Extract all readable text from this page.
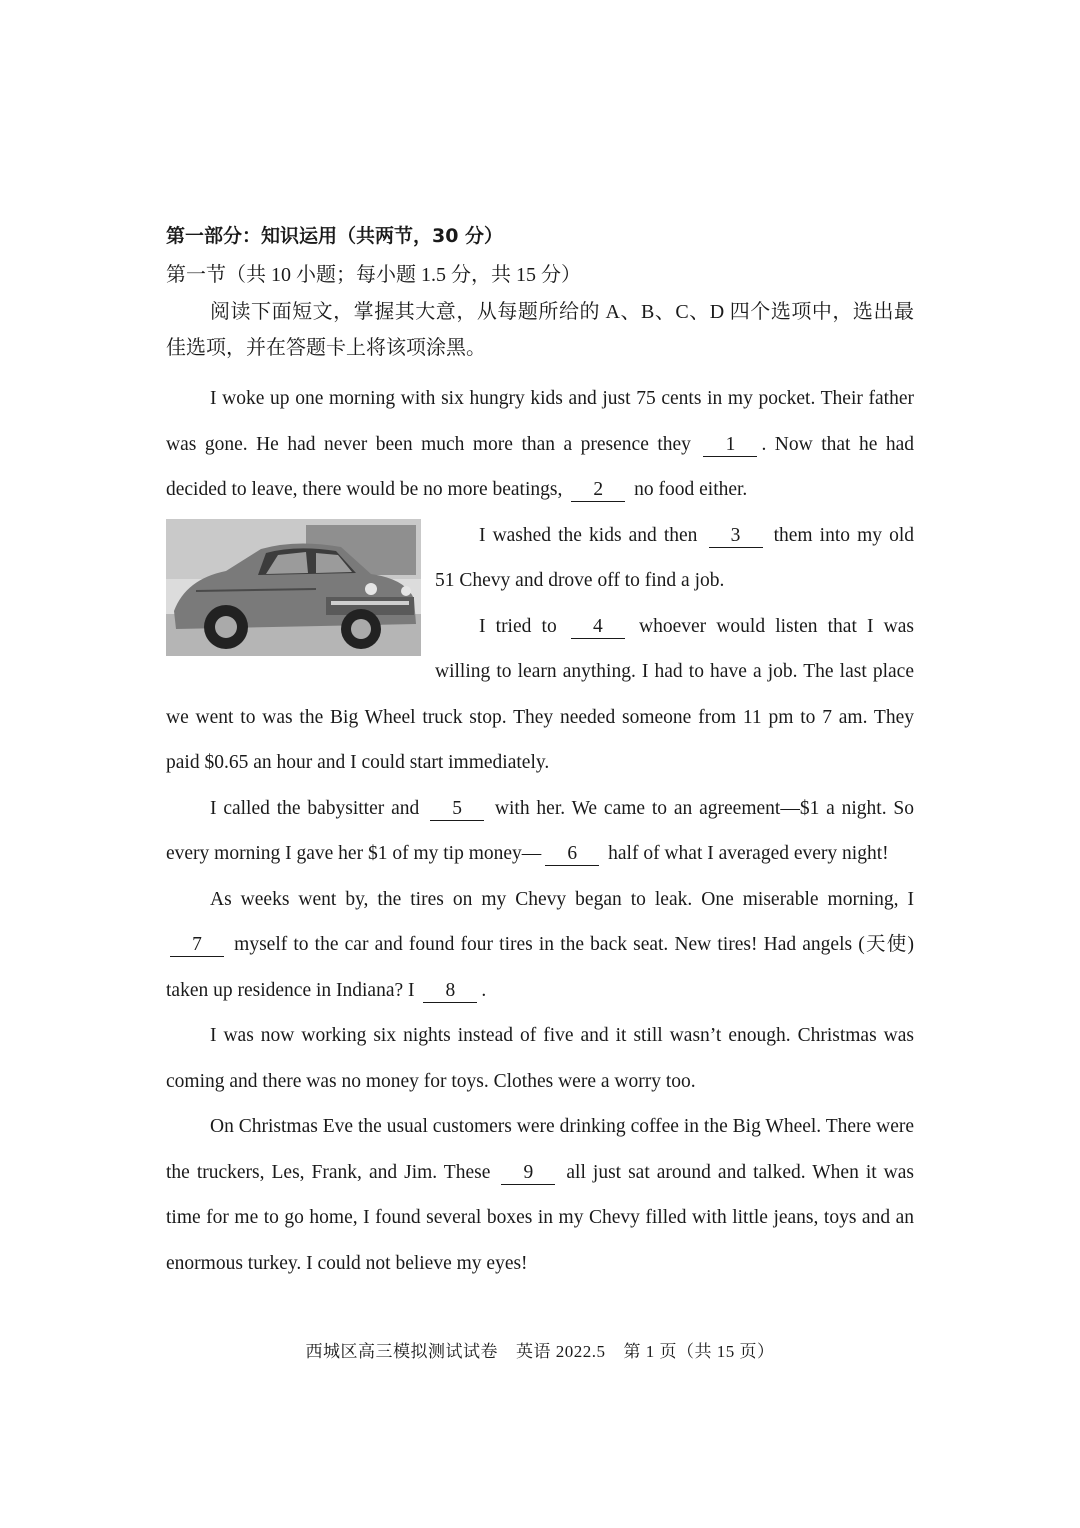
第一部分：知识运用（共两节，30 分）
第一节（共 10 小题；每小题 1.5 分，共 15 分）
阅读下面短文，掌握其大意，从每题所给的 A、B、C、D 四个选项中，选出最佳选项，并在答题卡上将该项涂黑。

I woke up one morning with six hungry kids and just 75 cents in my pocket. Their father was gone. He had never been much more than a presence they 1 . Now that he had decided to leave, there would be no more beatings, 2 no food either.

I washed the kids and then 3 them into my old 51 Chevy and drove off to find a job.

I tried to 4 whoever would listen that I was willing to learn anything. I had to have a job. The last place we went to was the Big Wheel truck stop. They needed someone from 11 pm to 7 am. They paid $0.65 an hour and I could start immediately.

I called the babysitter and 5 with her. We came to an agreement—$1 a night. So every morning I gave her $1 of my tip money— 6 half of what I averaged every night!

As weeks went by, the tires on my Chevy began to leak. One miserable morning, I 7 myself to the car and found four tires in the back seat. New tires! Had angels (天使) taken up residence in Indiana? I 8 .

I was now working six nights instead of five and it still wasn’t enough. Christmas was coming and there was no money for toys. Clothes were a worry too.

On Christmas Eve the usual customers were drinking coffee in the Big Wheel. There were the truckers, Les, Frank, and Jim. These 9 all just sat around and talked. When it was time for me to go home, I found several boxes in my Chevy filled with little jeans, toys and an enormous turkey. I could not believe my eyes!

西城区高三模拟测试试卷 英语 2022.5 第 1 页（共 15 页）
